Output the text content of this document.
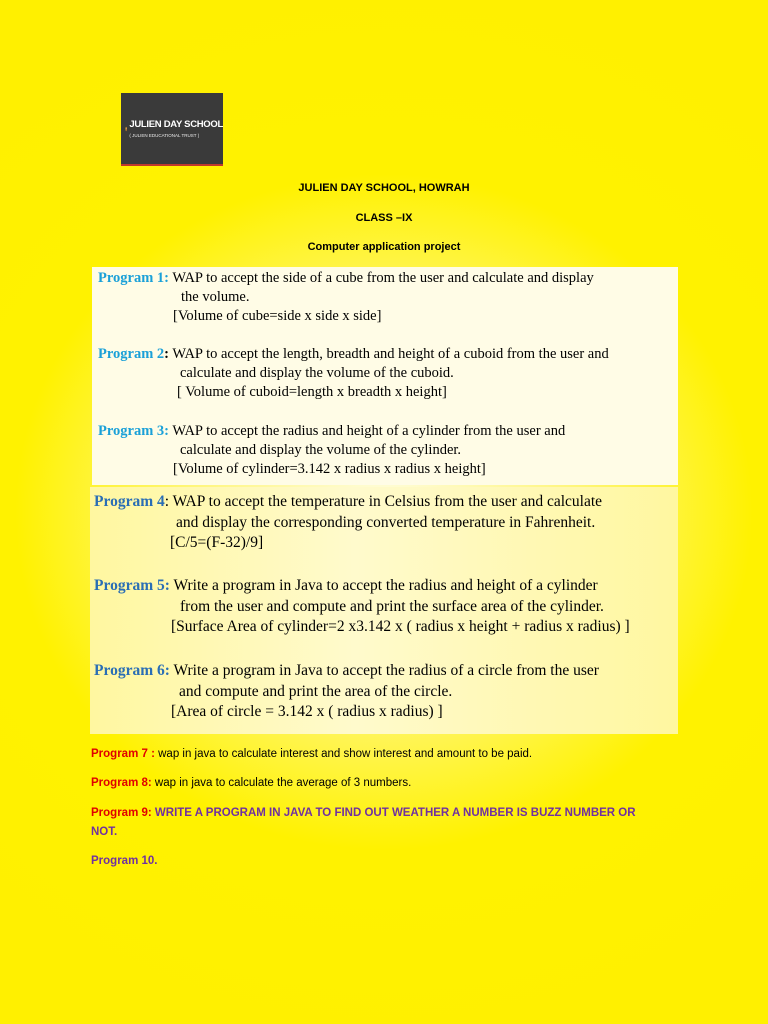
JULIEN DAY SCHOOL
( JULIEN EDUCATIONAL TRUST )
JULIEN DAY SCHOOL, HOWRAH
CLASS –IX
Computer application project
Program 1: WAP to accept the side of a cube from the user and calculate and display
the volume.
[Volume of cube=side x side x side]
Program 2: WAP to accept the length, breadth and height of a cuboid from the user and
calculate and display the volume of the cuboid.
[ Volume of cuboid=length x breadth x height]
Program 3: WAP to accept the radius and height of a cylinder from the user and
calculate and display the volume of the cylinder.
[Volume of cylinder=3.142 x radius x radius x height]
Program 4: WAP to accept the temperature in Celsius from the user and calculate
and display the corresponding converted temperature in Fahrenheit.
[C/5=(F-32)/9]
Program 5: Write a program in Java to accept the radius and height of a cylinder
from the user and compute and print the surface area of the cylinder.
[Surface Area of cylinder=2 x3.142 x ( radius x height + radius x radius) ]
Program 6: Write a program in Java to accept the radius of a circle from the user
and compute and print the area of the circle.
[Area of circle = 3.142 x ( radius x radius) ]
Program 7 : wap in java to calculate interest and show interest and amount to be paid.
Program 8: wap in java to calculate the average of 3 numbers.
Program 9: WRITE A PROGRAM IN JAVA TO FIND OUT WEATHER A NUMBER IS BUZZ NUMBER OR
NOT.
Program 10.
